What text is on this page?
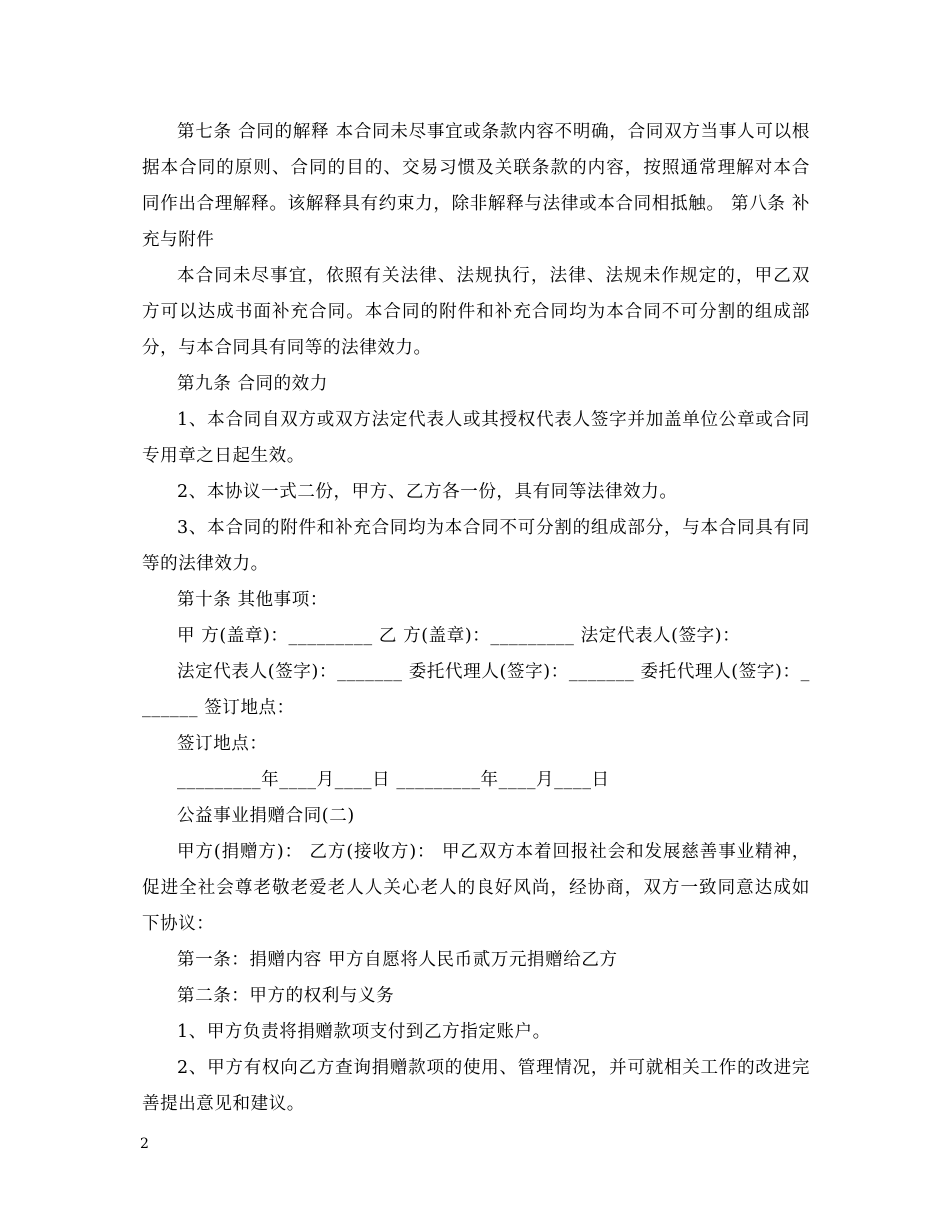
第七条 合同的解释 本合同未尽事宜或条款内容不明确，合同双方当事人可以根据本合同的原则、合同的目的、交易习惯及关联条款的内容，按照通常理解对本合同作出合理解释。该解释具有约束力，除非解释与法律或本合同相抵触。 第八条 补充与附件

本合同未尽事宜，依照有关法律、法规执行，法律、法规未作规定的，甲乙双方可以达成书面补充合同。本合同的附件和补充合同均为本合同不可分割的组成部分，与本合同具有同等的法律效力。

第九条 合同的效力

1、本合同自双方或双方法定代表人或其授权代表人签字并加盖单位公章或合同专用章之日起生效。

2、本协议一式二份，甲方、乙方各一份，具有同等法律效力。

3、本合同的附件和补充合同均为本合同不可分割的组成部分，与本合同具有同等的法律效力。

第十条 其他事项：

甲 方(盖章)：_________ 乙 方(盖章)：_________ 法定代表人(签字)：

法定代表人(签字)：_______ 委托代理人(签字)：_______ 委托代理人(签字)：_______ 签订地点：

签订地点：

_________年____月____日 _________年____月____日

公益事业捐赠合同(二)

甲方(捐赠方)： 乙方(接收方)： 甲乙双方本着回报社会和发展慈善事业精神，促进全社会尊老敬老爱老人人关心老人的良好风尚，经协商，双方一致同意达成如下协议：

第一条：捐赠内容 甲方自愿将人民币贰万元捐赠给乙方

第二条：甲方的权利与义务

1、甲方负责将捐赠款项支付到乙方指定账户。

2、甲方有权向乙方查询捐赠款项的使用、管理情况，并可就相关工作的改进完善提出意见和建议。

2
